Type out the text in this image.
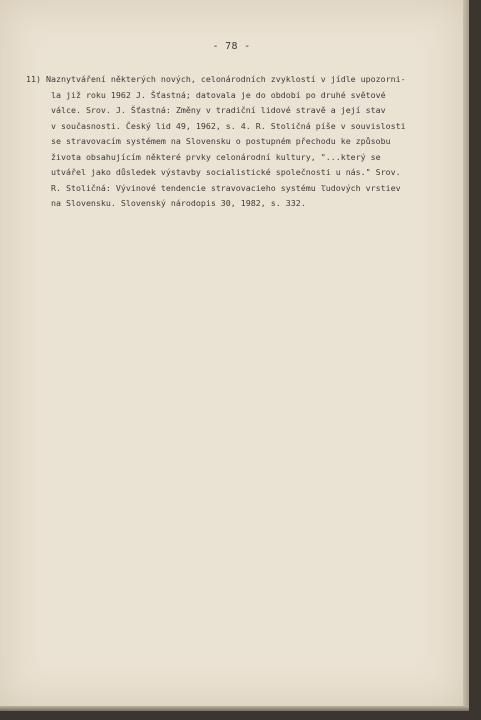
- 78 -
11) Naznytváření některých nových, celonárodních zvyklostí v jídle upozorni-
la již roku 1962 J. Šťastná; datovala je do období po druhé světové
válce. Srov. J. Šťastná: Změny v tradiční lidové stravě a její stav
v současnosti. Český lid 49, 1962, s. 4. R. Stoličná píše v souvislosti
se stravovacím systémem na Slovensku o postupném přechodu ke způsobu
života obsahujícím některé prvky celonárodní kultury, "...který se
utvářel jako důsledek výstavby socialistické společnosti u nás." Srov.
R. Stoličná: Vývinové tendencie stravovacieho systému ľudových vrstiev
na Slovensku. Slovenský národopis 30, 1982, s. 332.
